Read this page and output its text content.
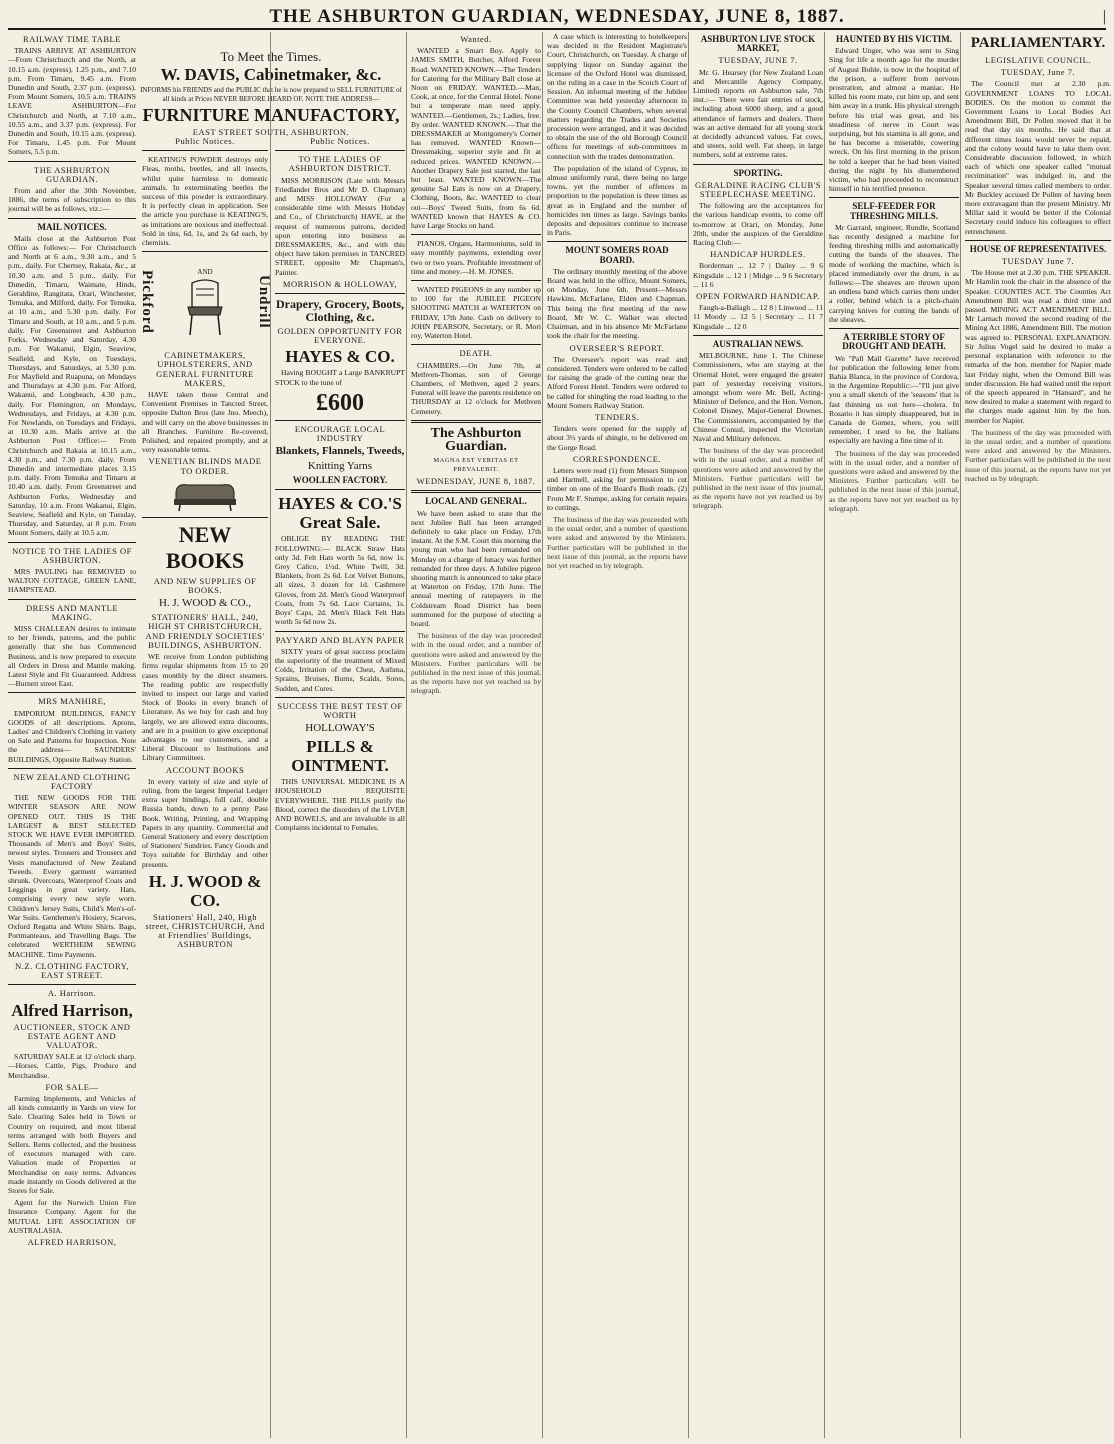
THE ASHBURTON GUARDIAN, WEDNESDAY, JUNE 8, 1887.	|
RAILWAY TIME TABLE

TRAINS ARRIVE AT ASHBURTON—From Christchurch and the North, at 10.15 a.m. (express), 1.25 p.m., and 7.10 p.m. From Timaru, 9.45 a.m. From Dunedin and South, 2.37 p.m. (express). From Mount Somers, 10.5 a.m. TRAINS LEAVE ASHBURTON—For Christchurch and North, at 7.10 a.m., 10.55 a.m., and 3.37 p.m. (express). For Dunedin and South, 10.15 a.m. (express). For Timaru, 1.45 p.m. For Mount Somers, 5.5 p.m.

THE ASHBURTON GUARDIAN.

From and after the 30th November, 1886, the terms of subscription to this journal will be as follows, viz.:—

MAIL NOTICES.

Mails close at the Ashburton Post Office as follows:— For Christchurch and North at 6 a.m., 9.30 a.m., and 5 p.m., daily. For Chertsey, Rakaia, &c., at 10.30 a.m. and 5 p.m., daily. For Dunedin, Timaru, Waimate, Hinds, Geraldine, Rangitata, Orari, Winchester, Temuka, and Milford, daily. For Temuka, at 10 a.m., and 5.30 p.m. daily. For Timaru and South, at 10 a.m., and 5 p.m. daily. For Greenstreet and Ashburton Forks, Wednesday and Saturday, 4.30 p.m. For Wakanui, Elgin, Seaview, Seafield, and Kyle, on Tuesdays, Thursdays, and Saturdays, at 5.30 p.m. For Mayfield and Ruapuna, on Mondays and Thursdays at 4.30 p.m. For Alford, Wakanui, and Longbeach, 4.30 p.m., daily. For Flemington, on Mondays, Wednesdays, and Fridays, at 4.30 p.m. For Newlands, on Tuesdays and Fridays, at 10.30 a.m. Mails arrive at the Ashburton Post Office:— From Christchurch and Rakaia at 10.15 a.m., 4.30 p.m., and 7.30 p.m. daily. From Dunedin and intermediate places 3.15 p.m. daily. From Temuka and Timaru at 10.40 a.m. daily. From Greenstreet and Ashburton Forks, Wednesday and Saturday, 10 a.m. From Wakanui, Elgin, Seaview, Seafield and Kyle, on Tuesday, Thursday, and Saturday, at 8 p.m. From Mount Somers, daily at 10.5 a.m.

NOTICE TO THE LADIES OF ASHBURTON.

MRS PAULING has REMOVED to WALTON COTTAGE, GREEN LANE, HAMPSTEAD.

DRESS AND MANTLE MAKING.

MISS CHALLEAN desires to intimate to her friends, patrons, and the public generally that she has Commenced Business, and is now prepared to execute all Orders in Dress and Mantle making. Latest Style and Fit Guaranteed. Address—Burnett street East.

MRS MANHIRE,

EMPORIUM BUILDINGS, FANCY GOODS of all descriptions. Aprons, Ladies' and Children's Clothing in variety on Sale and Patterns for Inspection. Note the address— SAUNDERS' BUILDINGS, Opposite Railway Station.

NEW ZEALAND CLOTHING FACTORY

THE NEW GOODS FOR THE WINTER SEASON ARE NOW OPENED OUT. THIS IS THE LARGEST & BEST SELECTED STOCK WE HAVE EVER IMPORTED. Thousands of Men's and Boys' Suits, newest styles. Trousers and Trousers and Vests manufactured of New Zealand Tweeds. Every garment warranted shrunk. Overcoats, Waterproof Coats and Leggings in great variety. Hats, comprising every new style worn. Children's Jersey Suits, Child's Men's-of-War Suits. Gentlemen's Hosiery, Scarves, Oxford Regatta and White Shirts. Bags, Portmanteaus, and Travelling Bags. The celebrated WERTHEIM SEWING MACHINE. Time Payments.

N.Z. CLOTHING FACTORY, EAST STREET.
A. Harrison.
Alfred Harrison,
AUCTIONEER, STOCK AND ESTATE AGENT AND VALUATOR.

SATURDAY SALE at 12 o'clock sharp. —Horses, Cattle, Pigs, Produce and Merchandise.

FOR SALE—

Farming Implements, and Vehicles of all kinds constantly in Yards on view for Sale. Clearing Sales held in Town or Country on required, and most liberal terms arranged with both Buyers and Sellers. Rents collected, and the business of executors managed with care. Valuation made of Properties or Merchandise on easy terms. Advances made instantly on Goods delivered at the Stores for Sale.

Agent for the Norwich Union Fire Insurance Company. Agent for the MUTUAL LIFE ASSOCIATION OF AUSTRALASIA.

ALFRED HARRISON,
To Meet the Times.
W. DAVIS, Cabinetmaker, &c.
INFORMS his FRIENDS and the PUBLIC that he is now prepared to SELL FURNITURE of all kinds at Prices NEVER BEFORE HEARD OF. NOTE THE ADDRESS—
FURNITURE MANUFACTORY,
EAST STREET SOUTH, ASHBURTON.
Public Notices.

KEATING'S POWDER destroys only Fleas, moths, beetles, and all insects, whilst quite harmless to domestic animals. In exterminating beetles the success of this powder is extraordinary. It is perfectly clean in application. See the article you purchase is KEATING'S, as imitations are noxious and ineffectual. Sold in tins, 6d, 1s, and 2s 6d each, by chemists.

Pickford	AND
Undrill
CABINETMAKERS, UPHOLSTERERS, AND GENERAL FURNITURE MAKERS,

HAVE taken those Central and Convenient Premises in Tancred Street, opposite Dalton Bros (late Jno. Meech), and will carry on the above businesses in all Branches. Furniture Re-covered, Polished, and repaired promptly, and at very reasonable terms.

VENETIAN BLINDS MADE TO ORDER.
NEW BOOKS
AND NEW SUPPLIES OF BOOKS.
H. J. WOOD & CO.,
STATIONERS' HALL, 240, HIGH ST CHRISTCHURCH, AND FRIENDLY SOCIETIES' BUILDINGS, ASHBURTON.

WE receive from London publishing firms regular shipments from 15 to 20 cases monthly by the direct steamers. The reading public are respectfully invited to inspect our large and varied Stock of Books in every branch of Literature. As we buy for cash and buy largely, we are allowed extra discounts, and are in a position to give exceptional advantages to our customers, and a Liberal Discount to Institutions and Library Committees.

ACCOUNT BOOKS

In every variety of size and style of ruling, from the largest Imperial Ledger extra super bindings, full calf, double Russia bands, down to a penny Pass Book. Writing, Printing, and Wrapping Papers in any quantity. Commercial and General Stationery and every description of Stationers' Sundries. Fancy Goods and Toys suitable for Birthday and other presents.

H. J. WOOD & CO.
Stationers' Hall, 240, High street, CHRISTCHURCH, And at Friendlies' Buildings, ASHBURTON
Public Notices.
TO THE LADIES OF ASHBURTON DISTRICT.

MISS MORRISON (Late with Messrs Friedlander Bros and Mr D. Chapman) and MISS HOLLOWAY (For a considerable time with Messrs Hobday and Co., of Christchurch) HAVE, at the request of numerous patrons, decided upon entering into business as DRESSMAKERS, &c., and with this object have taken premises in TANCRED STREET, opposite Mr Chapman's, Painter.

MORRISON & HOLLOWAY,
Drapery, Grocery, Boots, Clothing, &c.
GOLDEN OPPORTUNITY FOR EVERYONE.
HAYES & CO.

Having BOUGHT a Large BANKRUPT STOCK to the tune of

£600
ENCOURAGE LOCAL INDUSTRY
Blankets, Flannels, Tweeds,
Knitting Yarns
WOOLLEN FACTORY.
HAYES & CO.'S Great Sale.

OBLIGE BY READING THE FOLLOWING:— BLACK Straw Hats only 3d. Felt Hats worth 5s 6d, now 1s. Grey Calico, 1½d. White Twill, 3d. Blankets, from 2s 6d. Lot Velvet Buttons, all sizes, 3 dozen for 1d. Cashmere Gloves, from 2d. Men's Good Waterproof Coats, from 7s 6d. Lace Curtains, 1s. Boys' Caps, 2d. Men's Black Felt Hats worth 5s 6d now 2s.

PAYYARD AND BLAYN PAPER

SIXTY years of great success proclaim the superiority of the treatment of Mixed Colds, Irritation of the Chest, Asthma, Sprains, Bruises, Burns, Scalds, Sores, Sudden, and Cures.

SUCCESS THE BEST TEST OF WORTH
HOLLOWAY'S
PILLS & OINTMENT.

THIS UNIVERSAL MEDICINE IS A HOUSEHOLD REQUISITE EVERYWHERE. THE PILLS purify the Blood, correct the disorders of the LIVER AND BOWELS, and are invaluable in all Complaints incidental to Females.

Wanted.

WANTED a Smart Boy. Apply to JAMES SMITH, Butcher, Alford Forest Road. WANTED KNOWN.—The Tenders for Catering for the Military Ball close at Noon on FRIDAY. WANTED.—Man, Cook, at once, for the Central Hotel. None but a temperate man need apply. WANTED.—Gentlemen, 2s.; Ladies, free. By order. WANTED KNOWN.—That the DRESSMAKER at Montgomery's Corner has removed. WANTED Known—Dressmaking, superior style and fit at reduced prices. WANTED KNOWN.—Another Drapery Sale just started, the last but least. WANTED KNOWN—The genuine Sal Eats is now on at Drapery, Clothing, Boots, &c. WANTED to clear out—Boys' Tweed Suits, from 6s 6d. WANTED known that HAYES & CO. have Large Stocks on hand.

PIANOS, Organs, Harmoniums, sold in easy monthly payments, extending over two or two years. Profitable investment of time and money.—H. M. JONES.

WANTED PIGEONS in any number up to 100 for the JUBILEE PIGEON SHOOTING MATCH at WATERTON on FRIDAY, 17th June. Cash on delivery to JOHN PEARSON, Secretary, or R. Mori roy, Waterton Hotel.

DEATH.

CHAMBERS.—On June 7th, at Methven-Thomas, son of George Chambers, of Methven, aged 2 years. Funeral will leave the parents residence on THURSDAY at 12 o'clock for Methven Cemetery.

The Ashburton Guardian.
MAGNA EST VERITAS ET PREVALEBIT.
WEDNESDAY, JUNE 8, 1887.
LOCAL AND GENERAL.

We have been asked to state that the next Jubilee Ball has been arranged definitely to take place on Friday, 17th instant. At the S.M. Court this morning the young man who had been remanded on Monday on a charge of lunacy was further remanded for three days. A Jubilee pigeon shooting match is announced to take place at Waterton on Friday, 17th June. The annual meeting of ratepayers in the Coldstream Road District has been summoned for the purpose of electing a board.

The business of the day was proceeded with in the usual order, and a number of questions were asked and answered by the Ministers. Further particulars will be published in the next issue of this journal, as the reports have not yet reached us by telegraph.

A case which is interesting to hotelkeepers was decided in the Resident Magistrate's Court, Christchurch, on Tuesday. A charge of supplying liquor on Sunday against the licensee of the Oxford Hotel was dismissed, on the ruling in a case in the Scotch Court of Session. An informal meeting of the Jubilee Committee was held yesterday afternoon in the County Council Chambers, when several matters regarding the Trades and Societies procession were arranged, and it was decided to obtain the use of the old Borough Council offices for meetings of sub-committees in connection with the trades demonstration.

The population of the island of Cyprus, in almost uniformly rural, there being no large towns, yet the number of offences in proportion to the population is three times as great as in England and the number of homicides ten times as large. Savings banks deposits and depositors continue to increase in Paris.

MOUNT SOMERS ROAD BOARD.

The ordinary monthly meeting of the above Board was held in the office, Mount Somers, on Monday, June 6th. Present—Messrs Hawkins, McFarlane, Elden and Chapman. This being the first meeting of the new Board, Mr W. C. Walker was elected Chairman, and in his absence Mr McFarlane took the chair for the meeting.

OVERSEER'S REPORT.

The Overseer's report was read and considered. Tenders were ordered to be called for raising the grade of the cutting near the Alford Forest Hotel. Tenders were ordered to be called for shingling the road leading to the Mount Somers Railway Station.

TENDERS.

Tenders were opened for the supply of about 3½ yards of shingle, to be delivered on the Gorge Road.

CORRESPONDENCE.

Letters were read (1) from Messrs Simpson and Hartnell, asking for permission to cut timber on one of the Board's Bush roads. (2) From Mr F. Stumpe, asking for certain repairs to cuttings.

The business of the day was proceeded with in the usual order, and a number of questions were asked and answered by the Ministers. Further particulars will be published in the next issue of this journal, as the reports have not yet reached us by telegraph.

ASHBURTON LIVE STOCK MARKET,
TUESDAY, JUNE 7.

Mr. G. Hearsey (for New Zealand Loan and Mercantile Agency Company, Limited) reports on Ashburton sale, 7th inst.:— There were fair entries of stock, including about 6000 sheep, and a good attendance of farmers and dealers. There was an active demand for all young stock at decidedly advanced values. Fat cows, and steers, sold well. Fat sheep, in large numbers, sold at extreme rates.

SPORTING.
GERALDINE RACING CLUB'S STEEPLECHASE MEETING.

The following are the acceptances for the various handicap events, to come off to-morrow at Orari, on Monday, June 20th, under the auspices of the Geraldine Racing Club:—

HANDICAP HURDLES.

Borderman ... 12 7 | Dailey ... 9 6 Kingsdale ... 12 1 | Midge ... 9 6 Secretary ... 11 6

OPEN FORWARD HANDICAP.

Faugh-a-Ballagh ... 12 8 | Linwood ... 11 11 Moody ... 12 5 | Secretary ... 11 7 Kingsdale ... 12 0

AUSTRALIAN NEWS.

MELBOURNE, June 1. The Chinese Commissioners, who are staying at the Oriental Hotel, were engaged the greater part of yesterday receiving visitors, amongst whom were Mr. Bell, Acting-Minister of Defence, and the Hon. Vernon, Colonel Disney, Major-General Downes. The Commissioners, accompanied by the Chinese Consul, inspected the Victorian Naval and Military defences.

The business of the day was proceeded with in the usual order, and a number of questions were asked and answered by the Ministers. Further particulars will be published in the next issue of this journal, as the reports have not yet reached us by telegraph.

HAUNTED BY HIS VICTIM.

Edward Unger, who was sent to Sing Sing for life a month ago for the murder of August Bohle, is now in the hospital of the prison, a sufferer from nervous prostration, and almost a maniac. He killed his room mate, cut him up, and sent him away in a trunk. His physical strength before his trial was great, and his steadiness of nerve in Court was surprising, but his stamina is all gone, and he has become a miserable, cowering wreck. On his first morning in the prison he told a keeper that he had been visited during the night by his dismembered victim, who had proceeded to reconstruct himself in his terrified presence.

SELF-FEEDER FOR THRESHING MILLS.

Mr Garrard, engineer, Rundle, Scotland has recently designed a machine for feeding threshing mills and automatically cutting the bands of the sheaves. The mode of working the machine, which is placed immediately over the drum, is as follows:—The sheaves are thrown upon an endless band which carries them under a roller, behind which is a pitch-chain carrying knives for cutting the bands of the sheaves.

A TERRIBLE STORY OF DROUGHT AND DEATH.

We "Pall Mall Gazette" have received for publication the following letter from Bahia Blanca, in the province of Cordova, in the Argentine Republic:—"I'll just give you a small sketch of the 'seasons' that is fast thinning us out here—cholera. In Rosario it has simply disappeared, but in Canada de Gomez, where, you will remember, I used to be, the Italians especially are having a fine time of it.

The business of the day was proceeded with in the usual order, and a number of questions were asked and answered by the Ministers. Further particulars will be published in the next issue of this journal, as the reports have not yet reached us by telegraph.

PARLIAMENTARY.
LEGISLATIVE COUNCIL.
TUESDAY, June 7.

The Council met at 2.30 p.m. GOVERNMENT LOANS TO LOCAL BODIES. On the motion to commit the Government Loans to Local Bodies Act Amendment Bill, Dr Pollen moved that it be read that day six months. He said that at different times loans would never be repaid, and the colony would have to take them over. Considerable discussion followed, in which each of which one speaker called "mutual recrimination" was indulged in, and the Speaker several times called members to order. Mr Buckley accused Dr Pollen of having been more extravagant than the present Ministry. Mr Millar said it would be better if the Colonial Secretary could induce his colleagues to effect retrenchment.

HOUSE OF REPRESENTATIVES.
TUESDAY June 7.

The House met at 2.30 p.m. THE SPEAKER. Mr Hamlin took the chair in the absence of the Speaker. COUNTIES ACT. The Counties Act Amendment Bill was read a third time and passed. MINING ACT AMENDMENT BILL. Mr Larnach moved the second reading of the Mining Act 1886, Amendment Bill. The motion was agreed to. PERSONAL EXPLANATION. Sir Julius Vogel said he desired to make a personal explanation with reference to the remarks of the hon. member for Napier made last Friday night, when the Ormond Bill was under discussion. He had waited until the report of the speech appeared in "Hansard", and he now desired to make a statement with regard to the charges made against him by the hon. member for Napier.

The business of the day was proceeded with in the usual order, and a number of questions were asked and answered by the Ministers. Further particulars will be published in the next issue of this journal, as the reports have not yet reached us by telegraph.
